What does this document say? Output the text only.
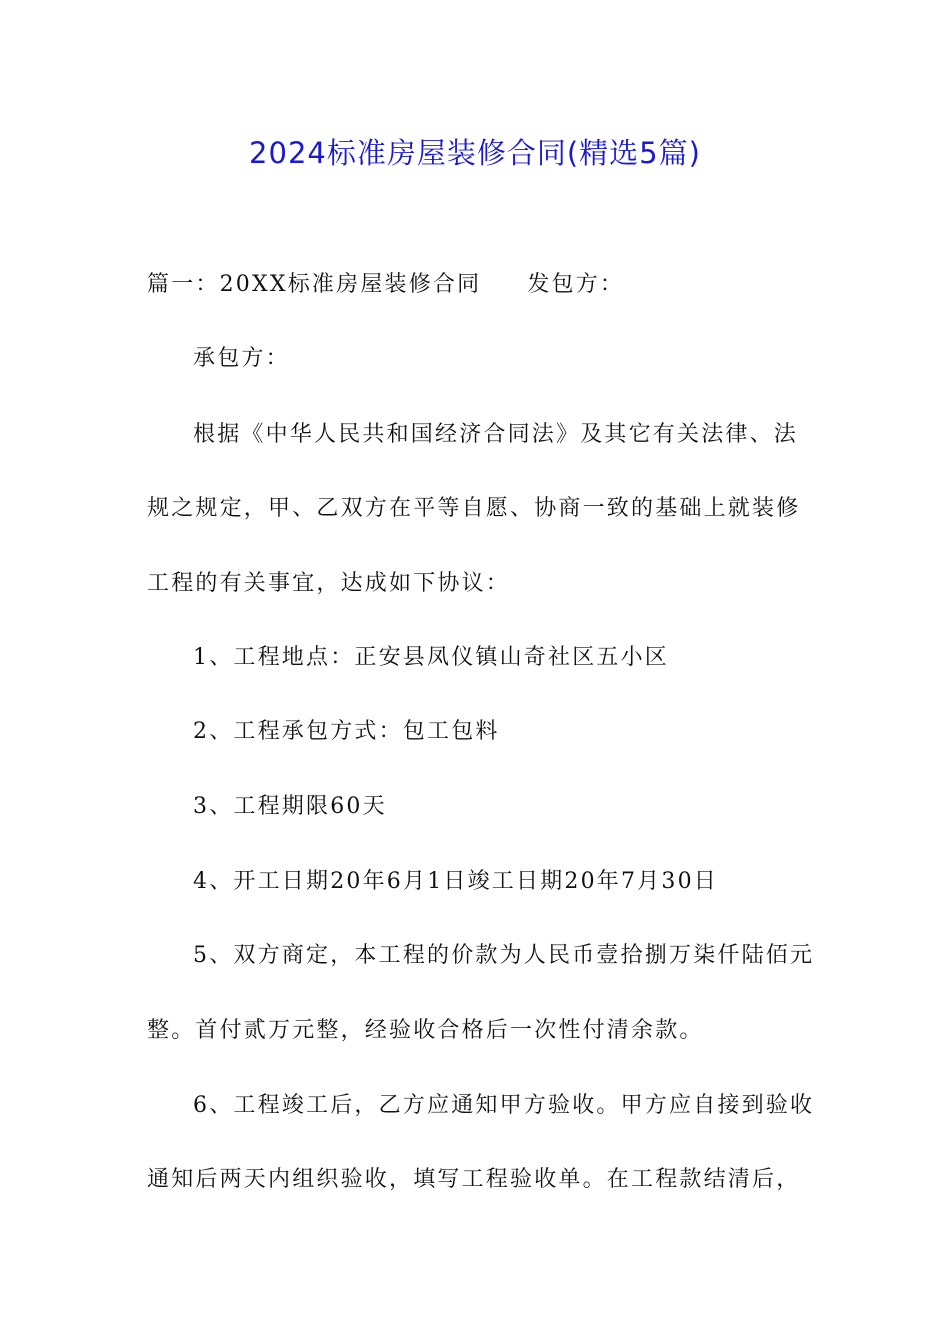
2024标准房屋装修合同(精选5篇)
篇一：20XX标准房屋装修合同 发包方：
承包方：
根据《中华人民共和国经济合同法》及其它有关法律、法
规之规定，甲、乙双方在平等自愿、协商一致的基础上就装修
工程的有关事宜，达成如下协议：
1、工程地点：正安县凤仪镇山奇社区五小区
2、工程承包方式：包工包料
3、工程期限60天
4、开工日期20年6月1日竣工日期20年7月30日
5、双方商定，本工程的价款为人民币壹拾捌万柒仟陆佰元
整。首付贰万元整，经验收合格后一次性付清余款。
6、工程竣工后，乙方应通知甲方验收。甲方应自接到验收
通知后两天内组织验收，填写工程验收单。在工程款结清后，
